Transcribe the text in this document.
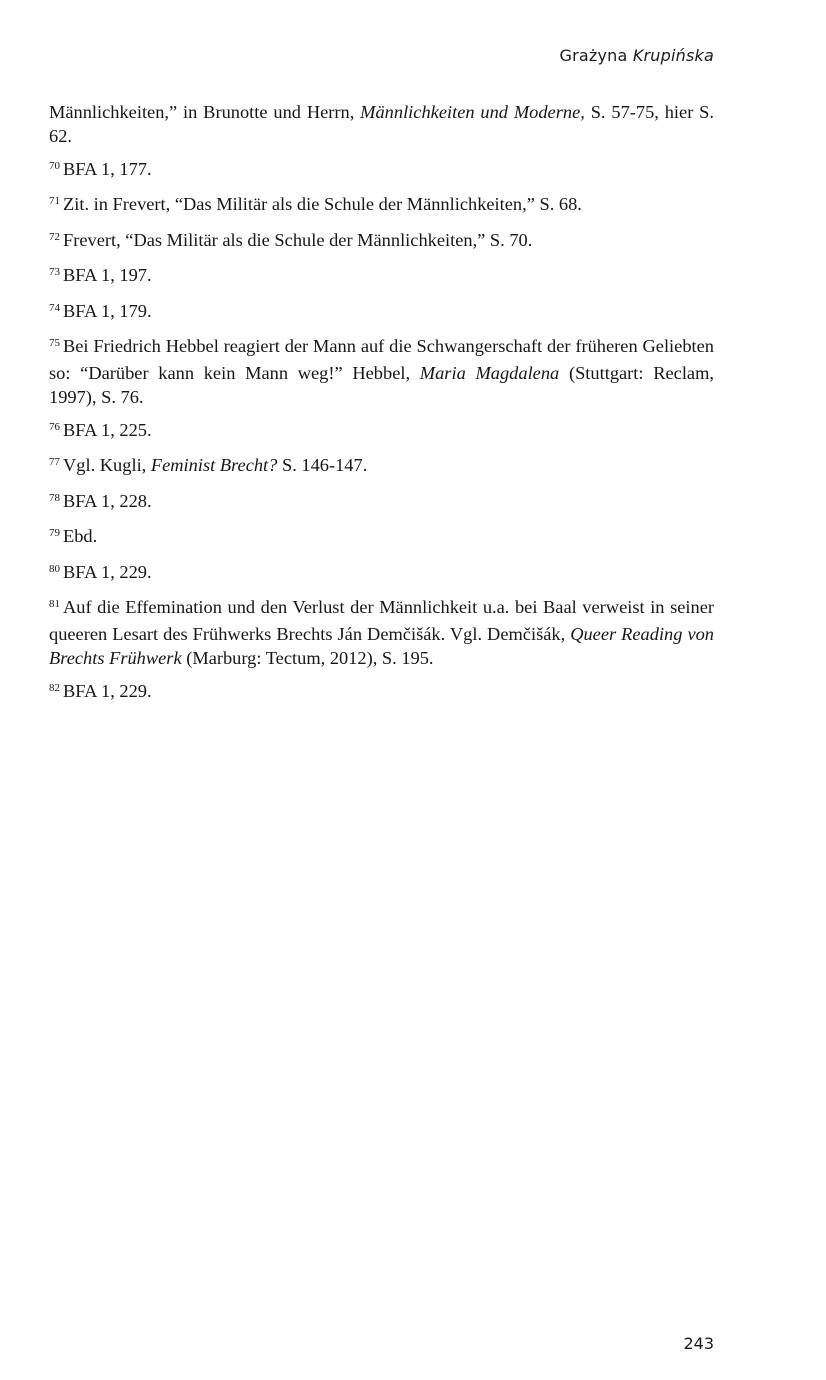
Grażyna Krupińska

Männlichkeiten,” in Brunotte und Herrn, Männlichkeiten und Moderne, S. 57-75, hier S. 62.

$^{70}$ BFA 1, 177.

$^{71}$ Zit. in Frevert, “Das Militär als die Schule der Männlichkeiten,” S. 68.

$^{72}$ Frevert, “Das Militär als die Schule der Männlichkeiten,” S. 70.

$^{73}$ BFA 1, 197.

$^{74}$ BFA 1, 179.

$^{75}$ Bei Friedrich Hebbel reagiert der Mann auf die Schwangerschaft der früheren Geliebten so: “Darüber kann kein Mann weg!” Hebbel, Maria Magdalena (Stuttgart: Reclam, 1997), S. 76.

$^{76}$ BFA 1, 225.

$^{77}$ Vgl. Kugli, Feminist Brecht? S. 146-147.

$^{78}$ BFA 1, 228.

$^{79}$ Ebd.

$^{80}$ BFA 1, 229.

$^{81}$ Auf die Effemination und den Verlust der Männlichkeit u.a. bei Baal verweist in seiner queeren Lesart des Frühwerks Brechts Ján Demčišák. Vgl. Demčišák, Queer Reading von Brechts Frühwerk (Marburg: Tectum, 2012), S. 195.

$^{82}$ BFA 1, 229.

243
